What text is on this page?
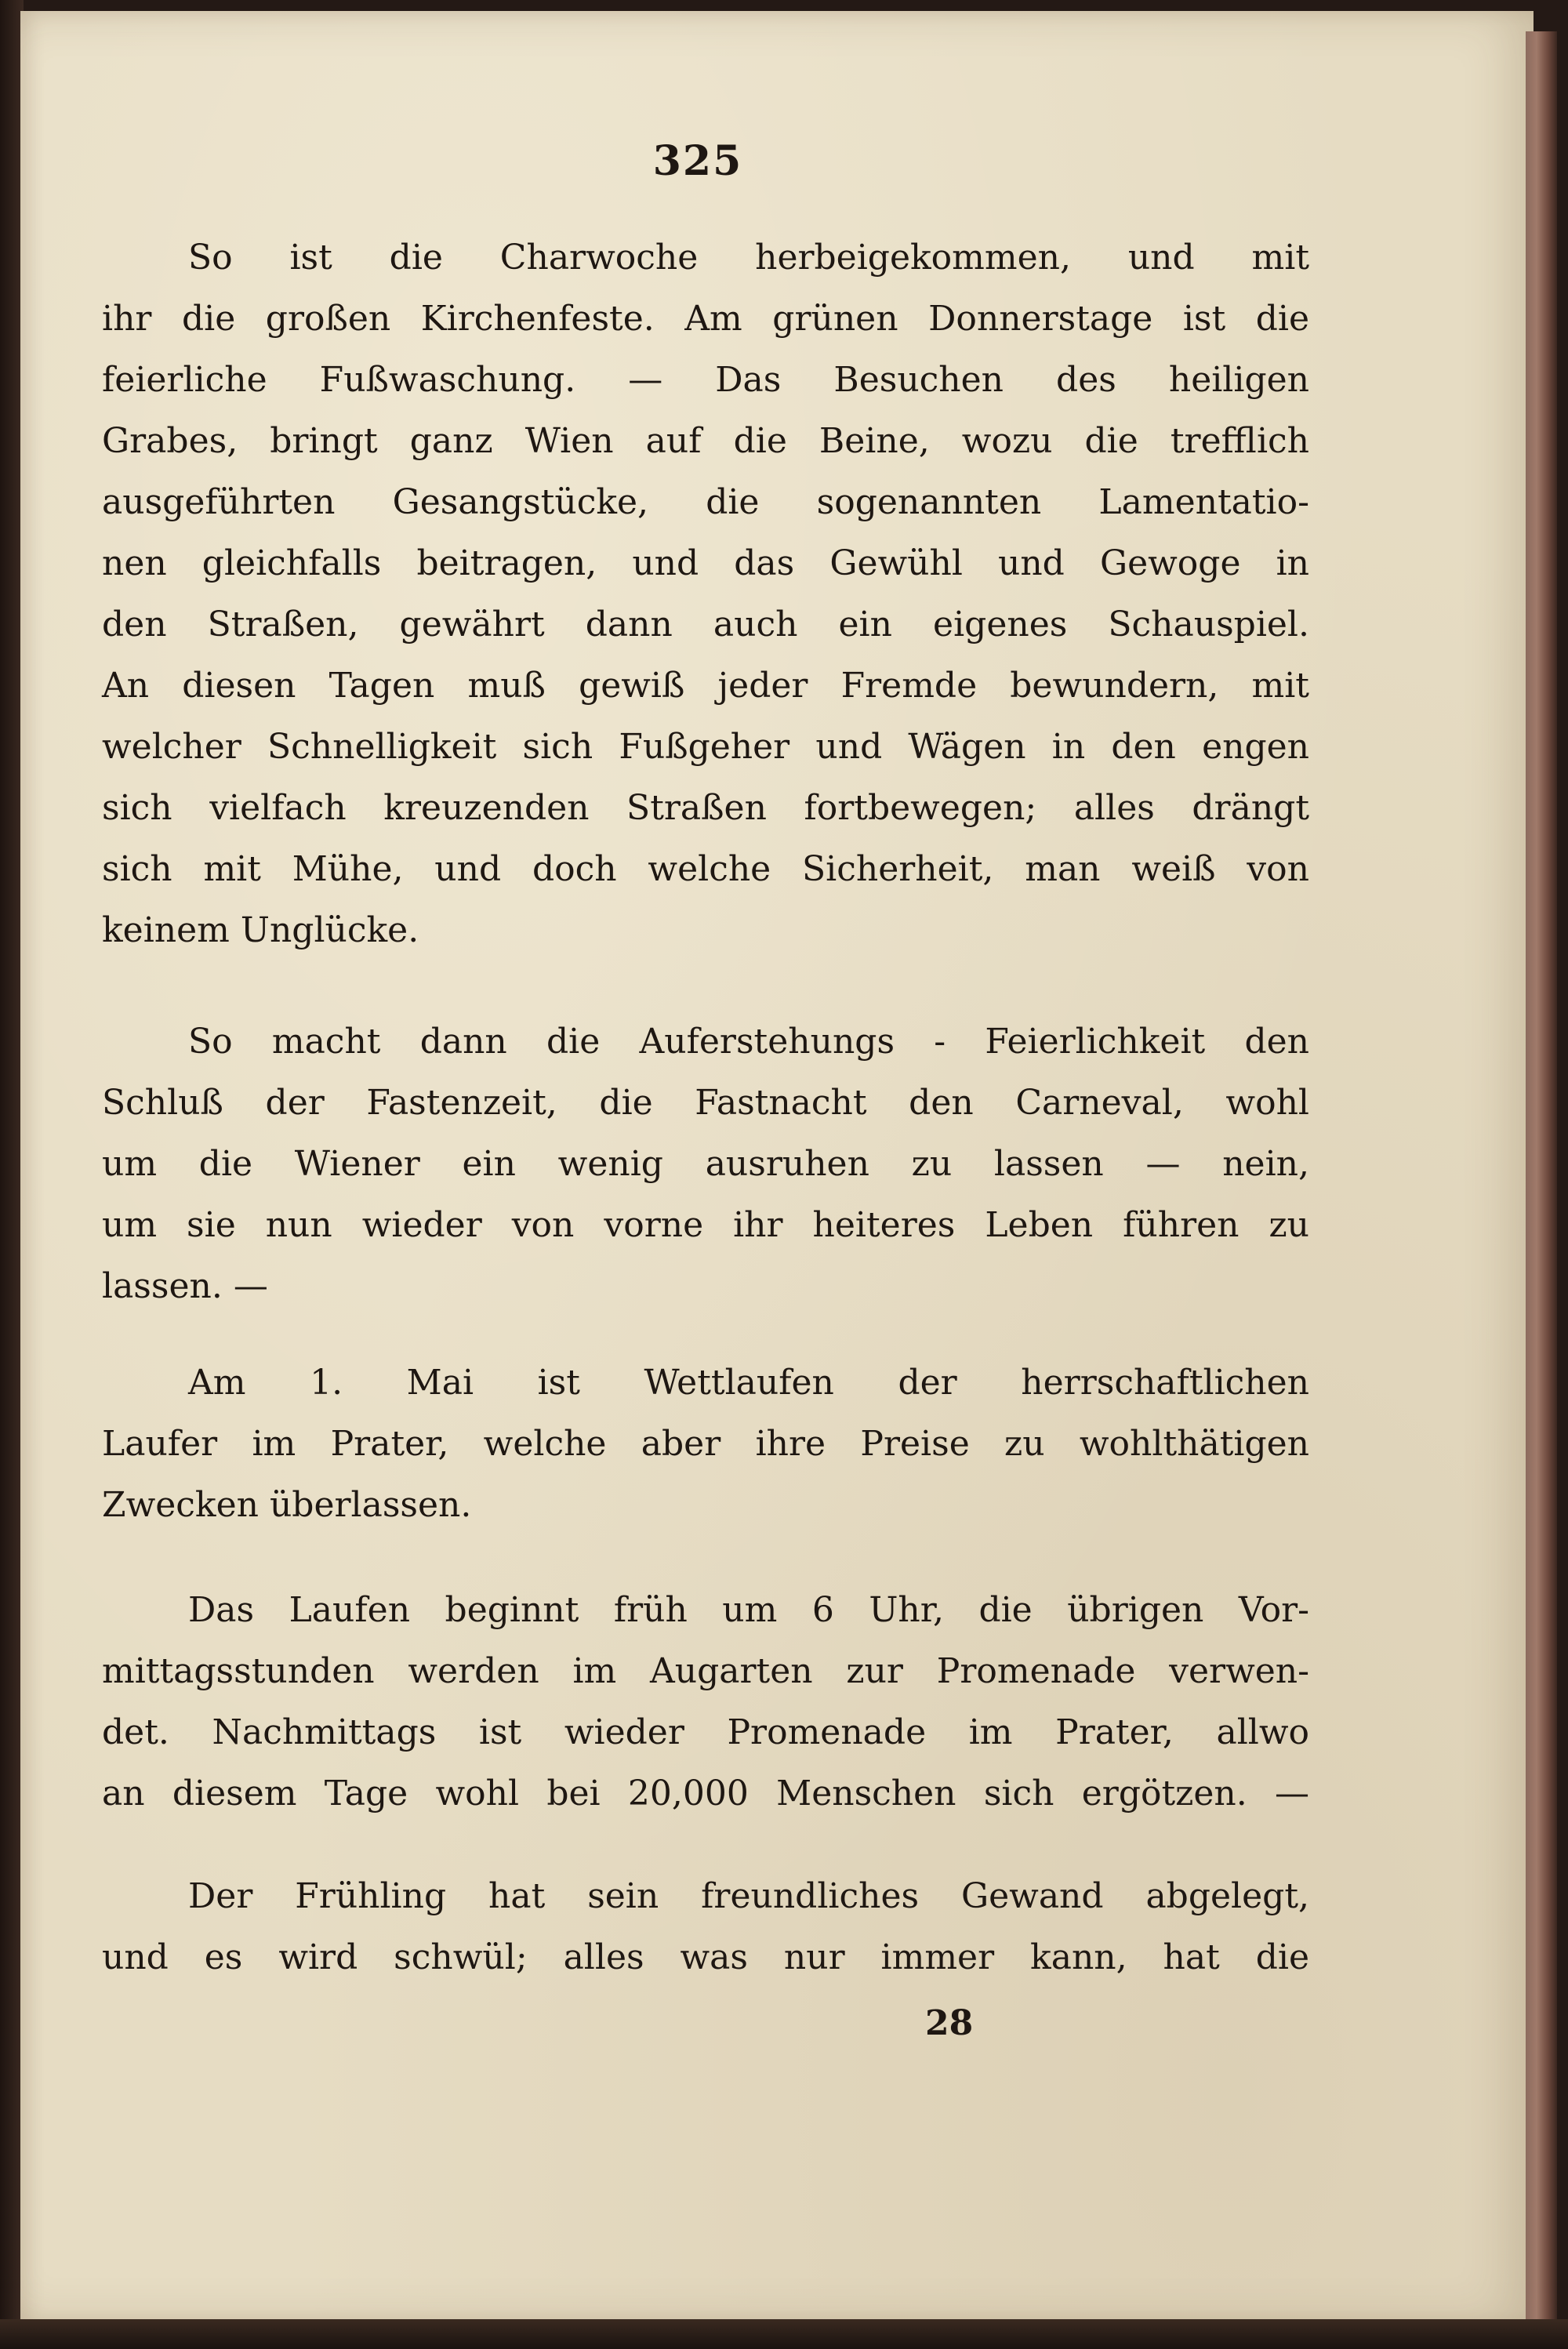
325
So ist die Charwoche herbeigekommen, und mit
ihr die großen Kirchenfeste. Am grünen Donnerstage ist die
feierliche Fußwaschung. — Das Besuchen des heiligen
Grabes, bringt ganz Wien auf die Beine, wozu die trefflich
ausgeführten Gesangstücke, die sogenannten Lamentatio-
nen gleichfalls beitragen, und das Gewühl und Gewoge in
den Straßen, gewährt dann auch ein eigenes Schauspiel.
An diesen Tagen muß gewiß jeder Fremde bewundern, mit
welcher Schnelligkeit sich Fußgeher und Wägen in den engen
sich vielfach kreuzenden Straßen fortbewegen; alles drängt
sich mit Mühe, und doch welche Sicherheit, man weiß von
keinem Unglücke.
So macht dann die Auferstehungs - Feierlichkeit den
Schluß der Fastenzeit, die Fastnacht den Carneval, wohl
um die Wiener ein wenig ausruhen zu lassen — nein,
um sie nun wieder von vorne ihr heiteres Leben führen zu
lassen. —
Am 1. Mai ist Wettlaufen der herrschaftlichen
Laufer im Prater, welche aber ihre Preise zu wohlthätigen
Zwecken überlassen.
Das Laufen beginnt früh um 6 Uhr, die übrigen Vor-
mittagsstunden werden im Augarten zur Promenade verwen-
det. Nachmittags ist wieder Promenade im Prater, allwo
an diesem Tage wohl bei 20,000 Menschen sich ergötzen. —
Der Frühling hat sein freundliches Gewand abgelegt,
und es wird schwül; alles was nur immer kann, hat die
28
